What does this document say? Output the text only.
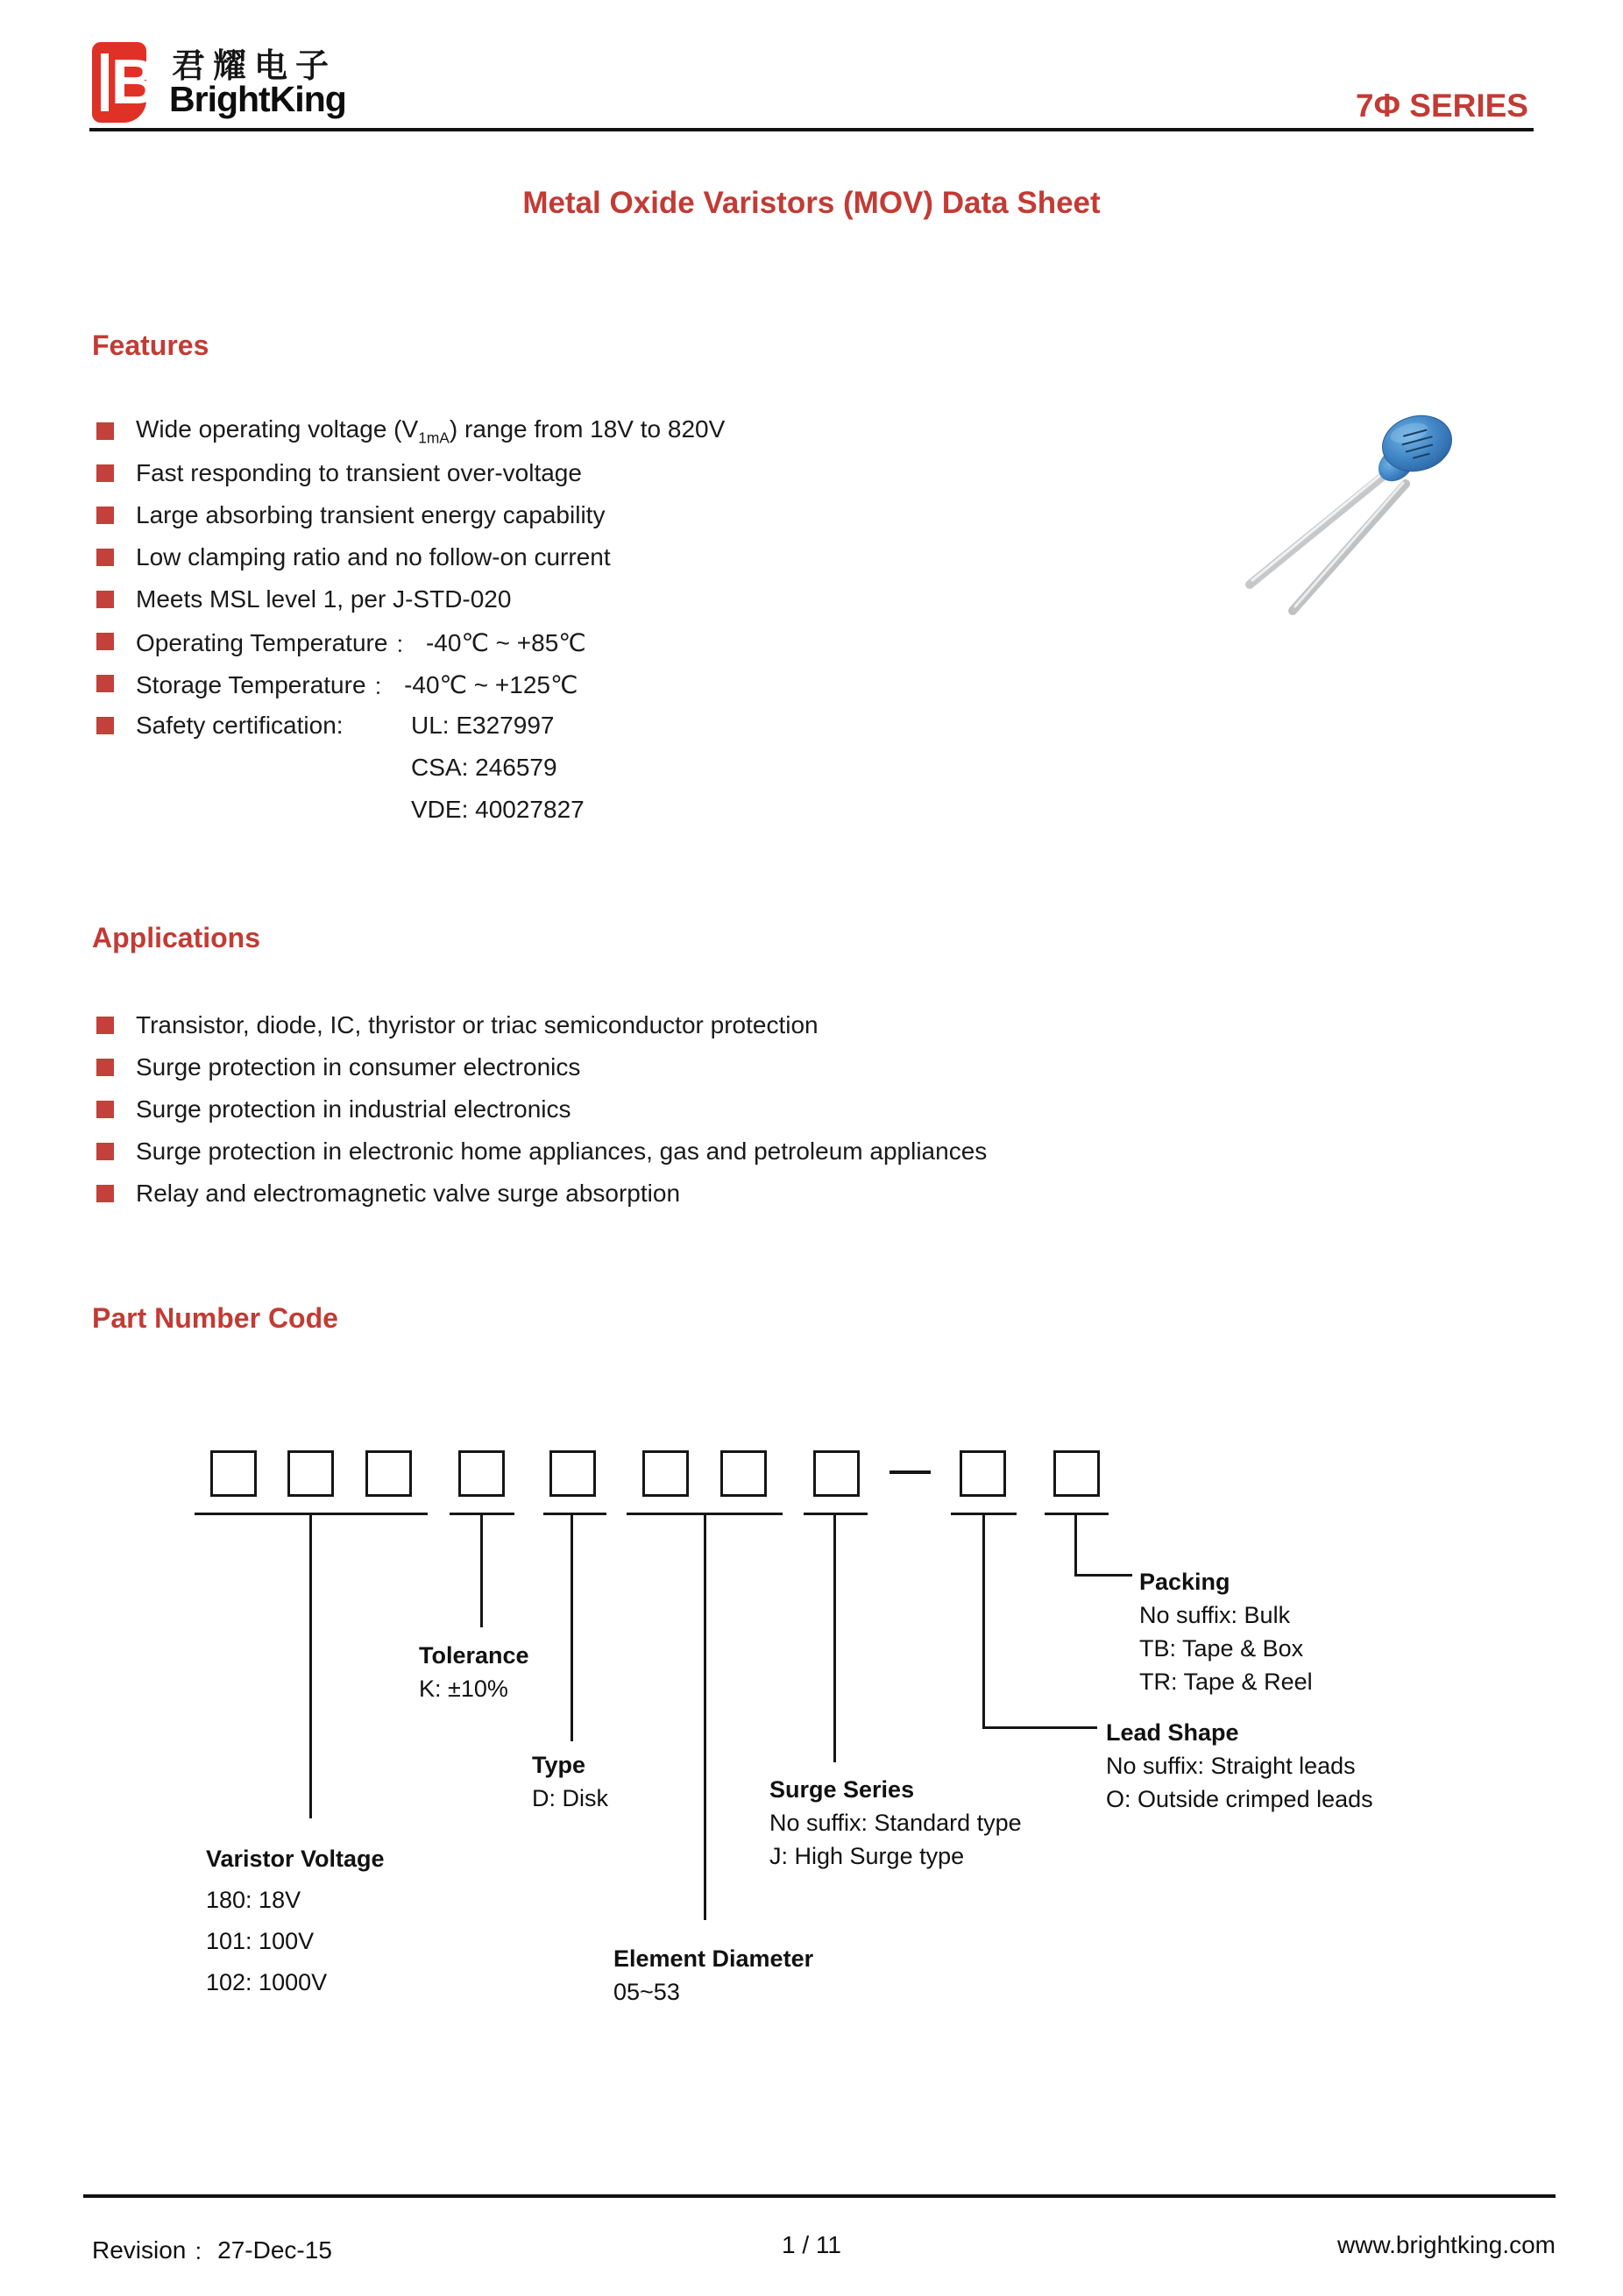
B 君耀电子
BrightKing	7Φ SERIES
Metal Oxide Varistors (MOV) Data Sheet
Features
Wide operating voltage $(V_{1mA})$ range from 18V to 820V
Fast responding to transient over-voltage
Large absorbing transient energy capability
Low clamping ratio and no follow-on current
Meets MSL level 1, per J-STD-020
Operating Temperature﹕  -40℃ ~ +85℃
Storage Temperature﹕  -40℃ ~ +125℃
Safety certification:	UL: E327997
CSA: 246579
VDE: 40027827
Applications
Transistor, diode, IC, thyristor or triac semiconductor protection
Surge protection in consumer electronics
Surge protection in industrial electronics
Surge protection in electronic home appliances, gas and petroleum appliances
Relay and electromagnetic valve surge absorption
Part Number Code
Packing
No suffix: Bulk
TB: Tape & Box
TR: Tape & Reel
Lead Shape
No suffix: Straight leads
O: Outside crimped leads
Tolerance
K: ±10%
Type
D: Disk	Surge Series
No suffix: Standard type
J: High Surge type
Varistor Voltage
180: 18V
101: 100V
102: 1000V
Element Diameter
05~53
Revision﹕ 27-Dec-15	1 / 11	www.brightking.com
